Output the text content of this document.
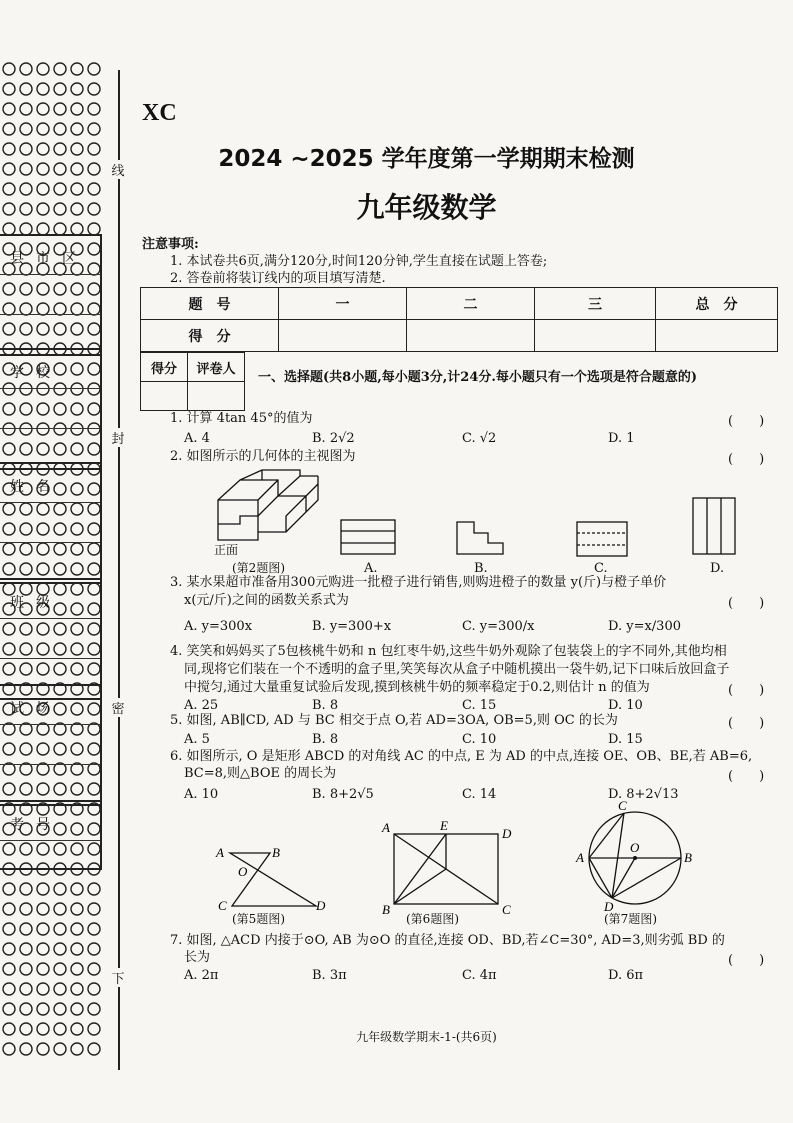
线
封
密
下
县市区
学校
姓名
班级
试场
考号
XC
2024 ~2025 学年度第一学期期末检测
九年级数学
注意事项:
1. 本试卷共6页,满分120分,时间120分钟,学生直接在试题上答卷;
2. 答卷前将装订线内的项目填写清楚.
题　号	一	二	三	总　分
得　分				
得分	评卷人

一、选择题(共8小题,每小题3分,计24分.每小题只有一个选项是符合题意的)
1. 计算 4tan 45°的值为	(　　)
A. 4	B. 2√2	C. √2	D. 1
2. 如图所示的几何体的主视图为	(　　)
正面
(第2题图)	A.	B.	C.	D.
3. 某水果超市准备用300元购进一批橙子进行销售,则购进橙子的数量 y(斤)与橙子单价
x(元/斤)之间的函数关系式为	(　　)
A. y=300x	B. y=300+x	C. y=300/x	D. y=x/300
4. 笑笑和妈妈买了5包核桃牛奶和 n 包红枣牛奶,这些牛奶外观除了包装袋上的字不同外,其他均相
同,现将它们装在一个不透明的盒子里,笑笑每次从盒子中随机摸出一袋牛奶,记下口味后放回盒子
中搅匀,通过大量重复试验后发现,摸到核桃牛奶的频率稳定于0.2,则估计 n 的值为	(　　)
A. 25	B. 8	C. 15	D. 10
5. 如图, AB∥CD, AD 与 BC 相交于点 O,若 AD=3OA, OB=5,则 OC 的长为	(　　)
A. 5	B. 8	C. 10	D. 15
6. 如图所示, O 是矩形 ABCD 的对角线 AC 的中点, E 为 AD 的中点,连接 OE、OB、BE,若 AB=6,
BC=8,则△BOE 的周长为	(　　)
A. 10	B. 8+2√5	C. 14	D. 8+2√13
A	B
O
C	D
(第5题图)
A	E
D
B	C
(第6题图)
C
A
O
B
D
(第7题图)
7. 如图, △ACD 内接于⊙O, AB 为⊙O 的直径,连接 OD、BD,若∠C=30°, AD=3,则劣弧 BD 的
长为	(　　)
A. 2π	B. 3π	C. 4π	D. 6π
九年级数学期末-1-(共6页)
